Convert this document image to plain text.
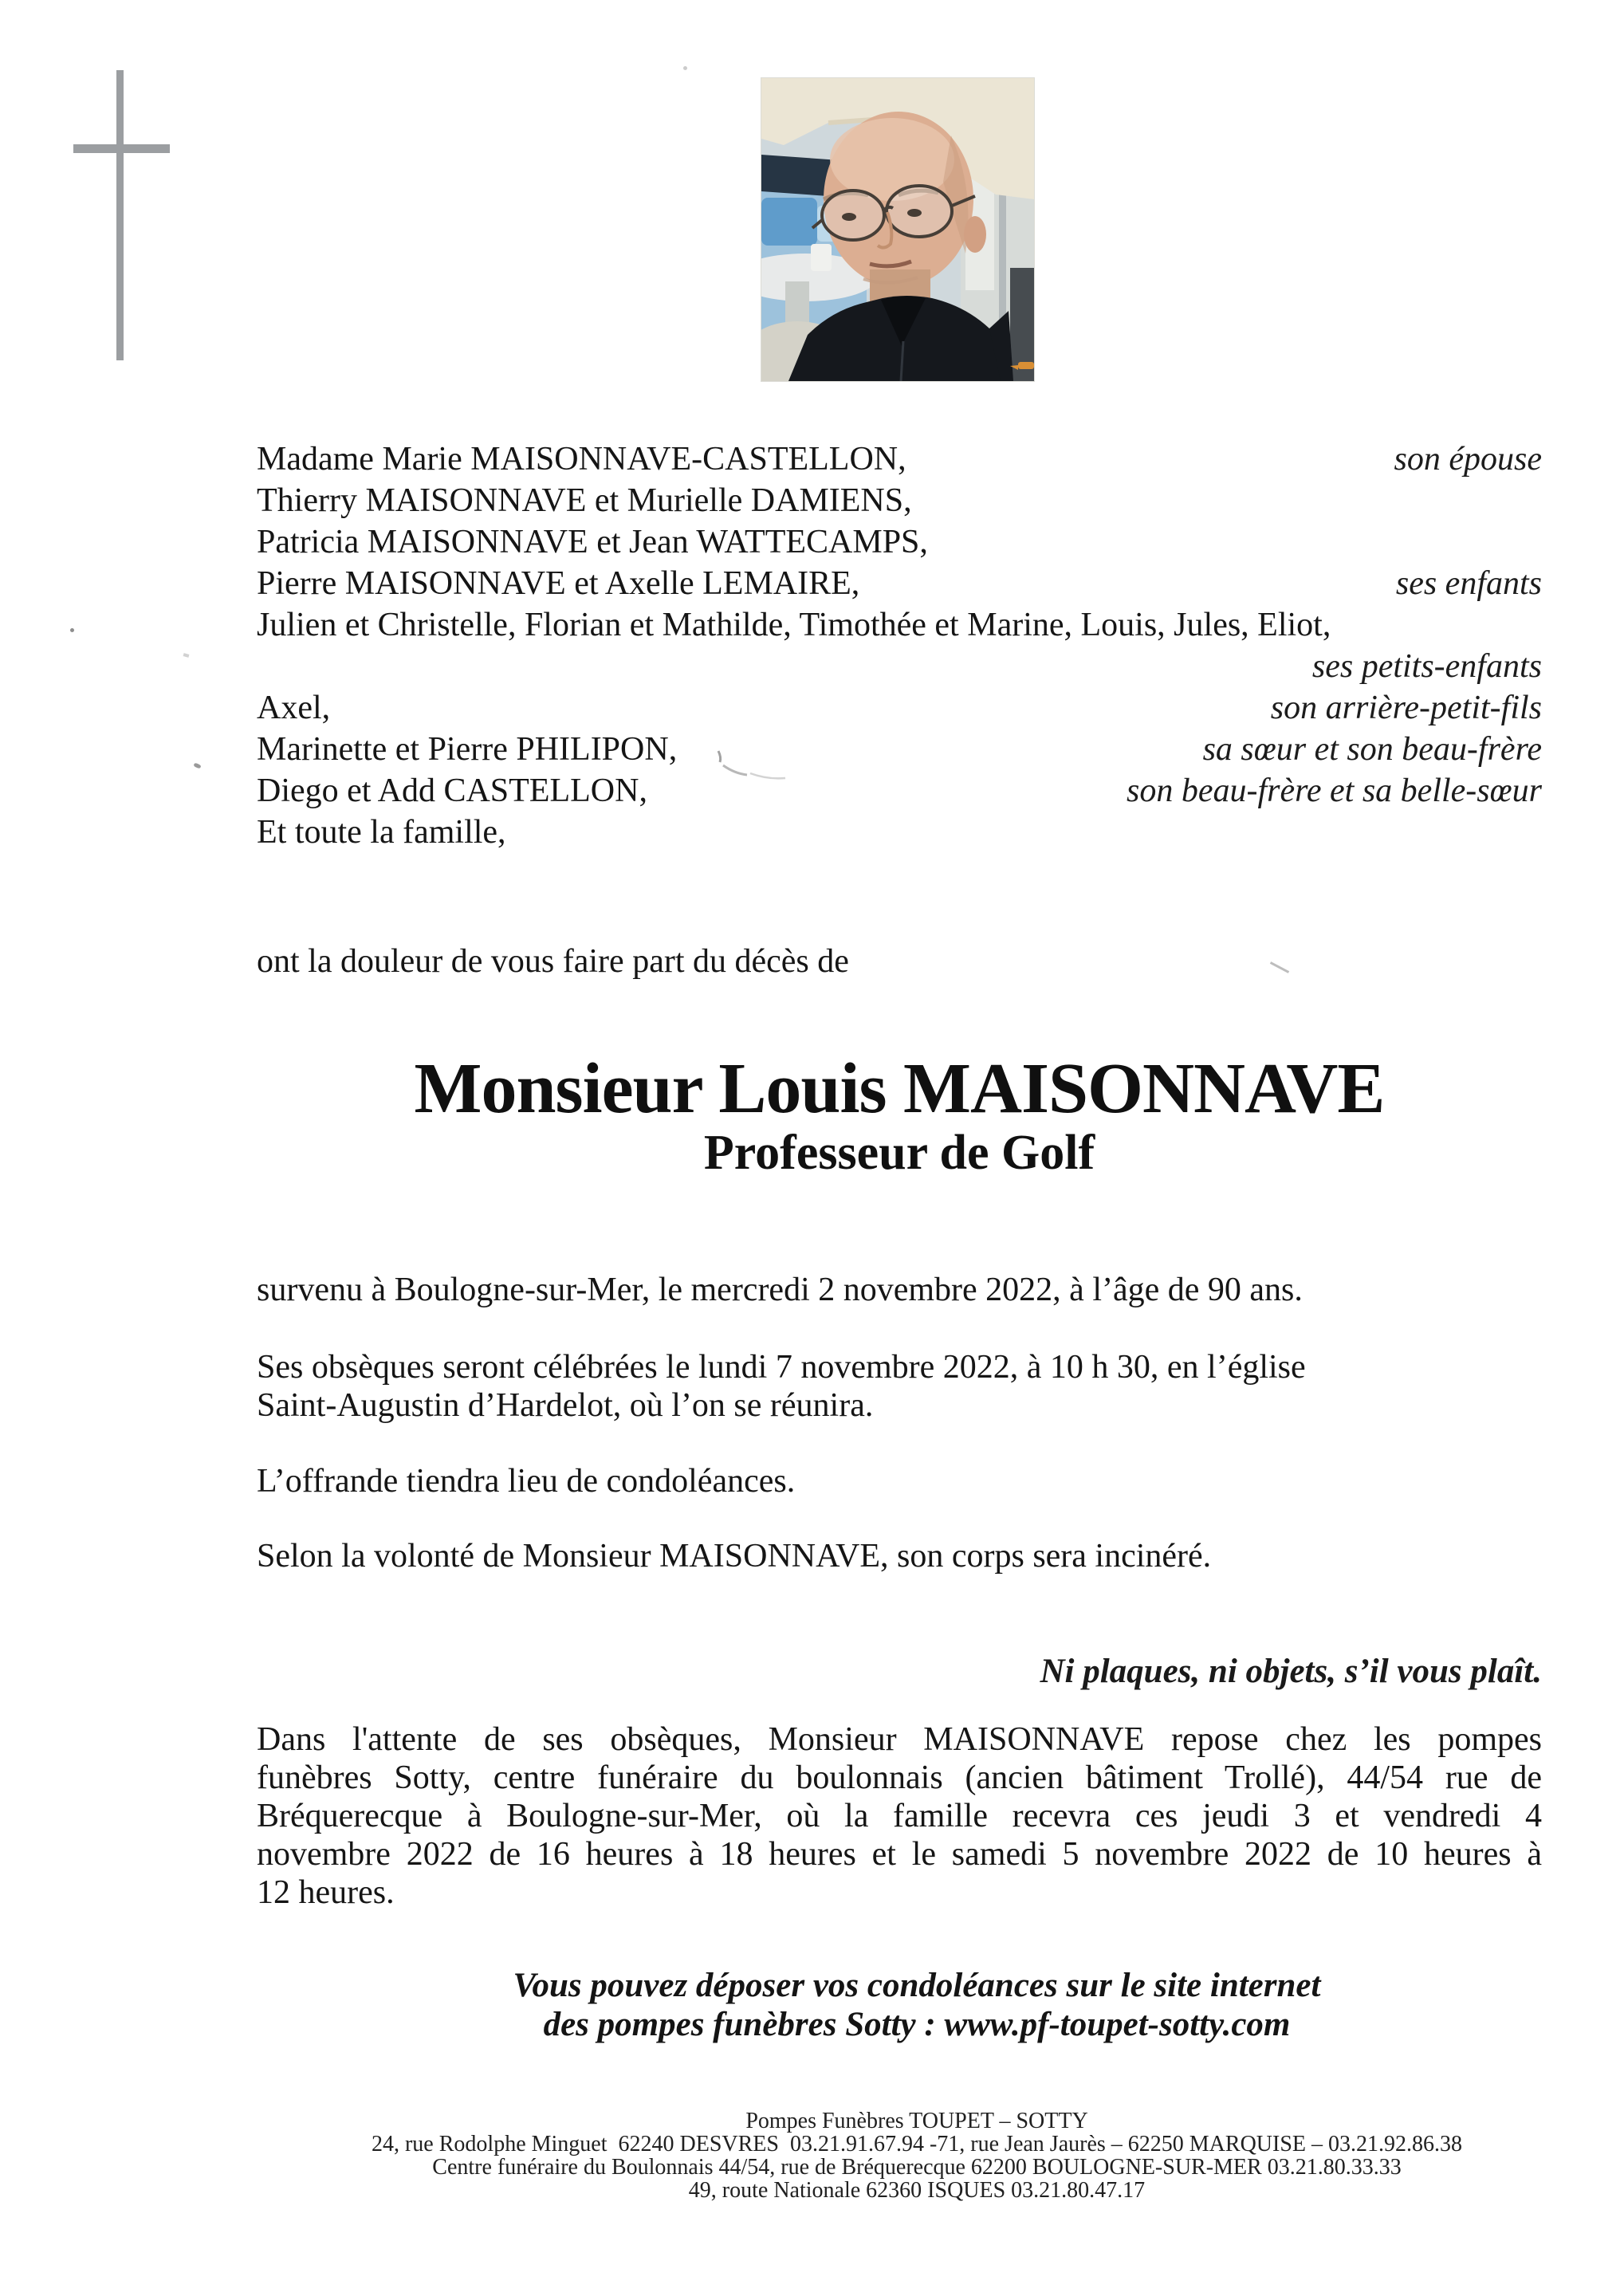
Madame Marie MAISONNAVE-CASTELLON,	son épouse
Thierry MAISONNAVE et Murielle DAMIENS,
Patricia MAISONNAVE et Jean WATTECAMPS,
Pierre MAISONNAVE et Axelle LEMAIRE,	ses enfants
Julien et Christelle, Florian et Mathilde, Timothée et Marine, Louis, Jules, Eliot,
ses petits-enfants
Axel,	son arrière-petit-fils
Marinette et Pierre PHILIPON,	sa sœur et son beau-frère
Diego et Add CASTELLON,	son beau-frère et sa belle-sœur
Et toute la famille,
ont la douleur de vous faire part du décès de
Monsieur Louis MAISONNAVE
Professeur de Golf
survenu à Boulogne-sur-Mer, le mercredi 2 novembre 2022, à l’âge de 90 ans.
Ses obsèques seront célébrées le lundi 7 novembre 2022, à 10 h 30, en l’église
Saint-Augustin d’Hardelot, où l’on se réunira.
L’offrande tiendra lieu de condoléances.
Selon la volonté de Monsieur MAISONNAVE, son corps sera incinéré.
Ni plaques, ni objets, s’il vous plaît.
Dans l'attente de ses obsèques, Monsieur MAISONNAVE repose chez les pompes
funèbres Sotty, centre funéraire du boulonnais (ancien bâtiment Trollé), 44/54 rue de
Bréquerecque à Boulogne-sur-Mer, où la famille recevra ces jeudi 3 et vendredi 4
novembre 2022 de 16 heures à 18 heures et le samedi 5 novembre 2022 de 10 heures à
12 heures.
Vous pouvez déposer vos condoléances sur le site internet
des pompes funèbres Sotty : www.pf-toupet-sotty.com
Pompes Funèbres TOUPET – SOTTY
24, rue Rodolphe Minguet  62240 DESVRES  03.21.91.67.94 -71, rue Jean Jaurès – 62250 MARQUISE – 03.21.92.86.38
Centre funéraire du Boulonnais 44/54, rue de Bréquerecque 62200 BOULOGNE-SUR-MER 03.21.80.33.33
49, route Nationale 62360 ISQUES 03.21.80.47.17
